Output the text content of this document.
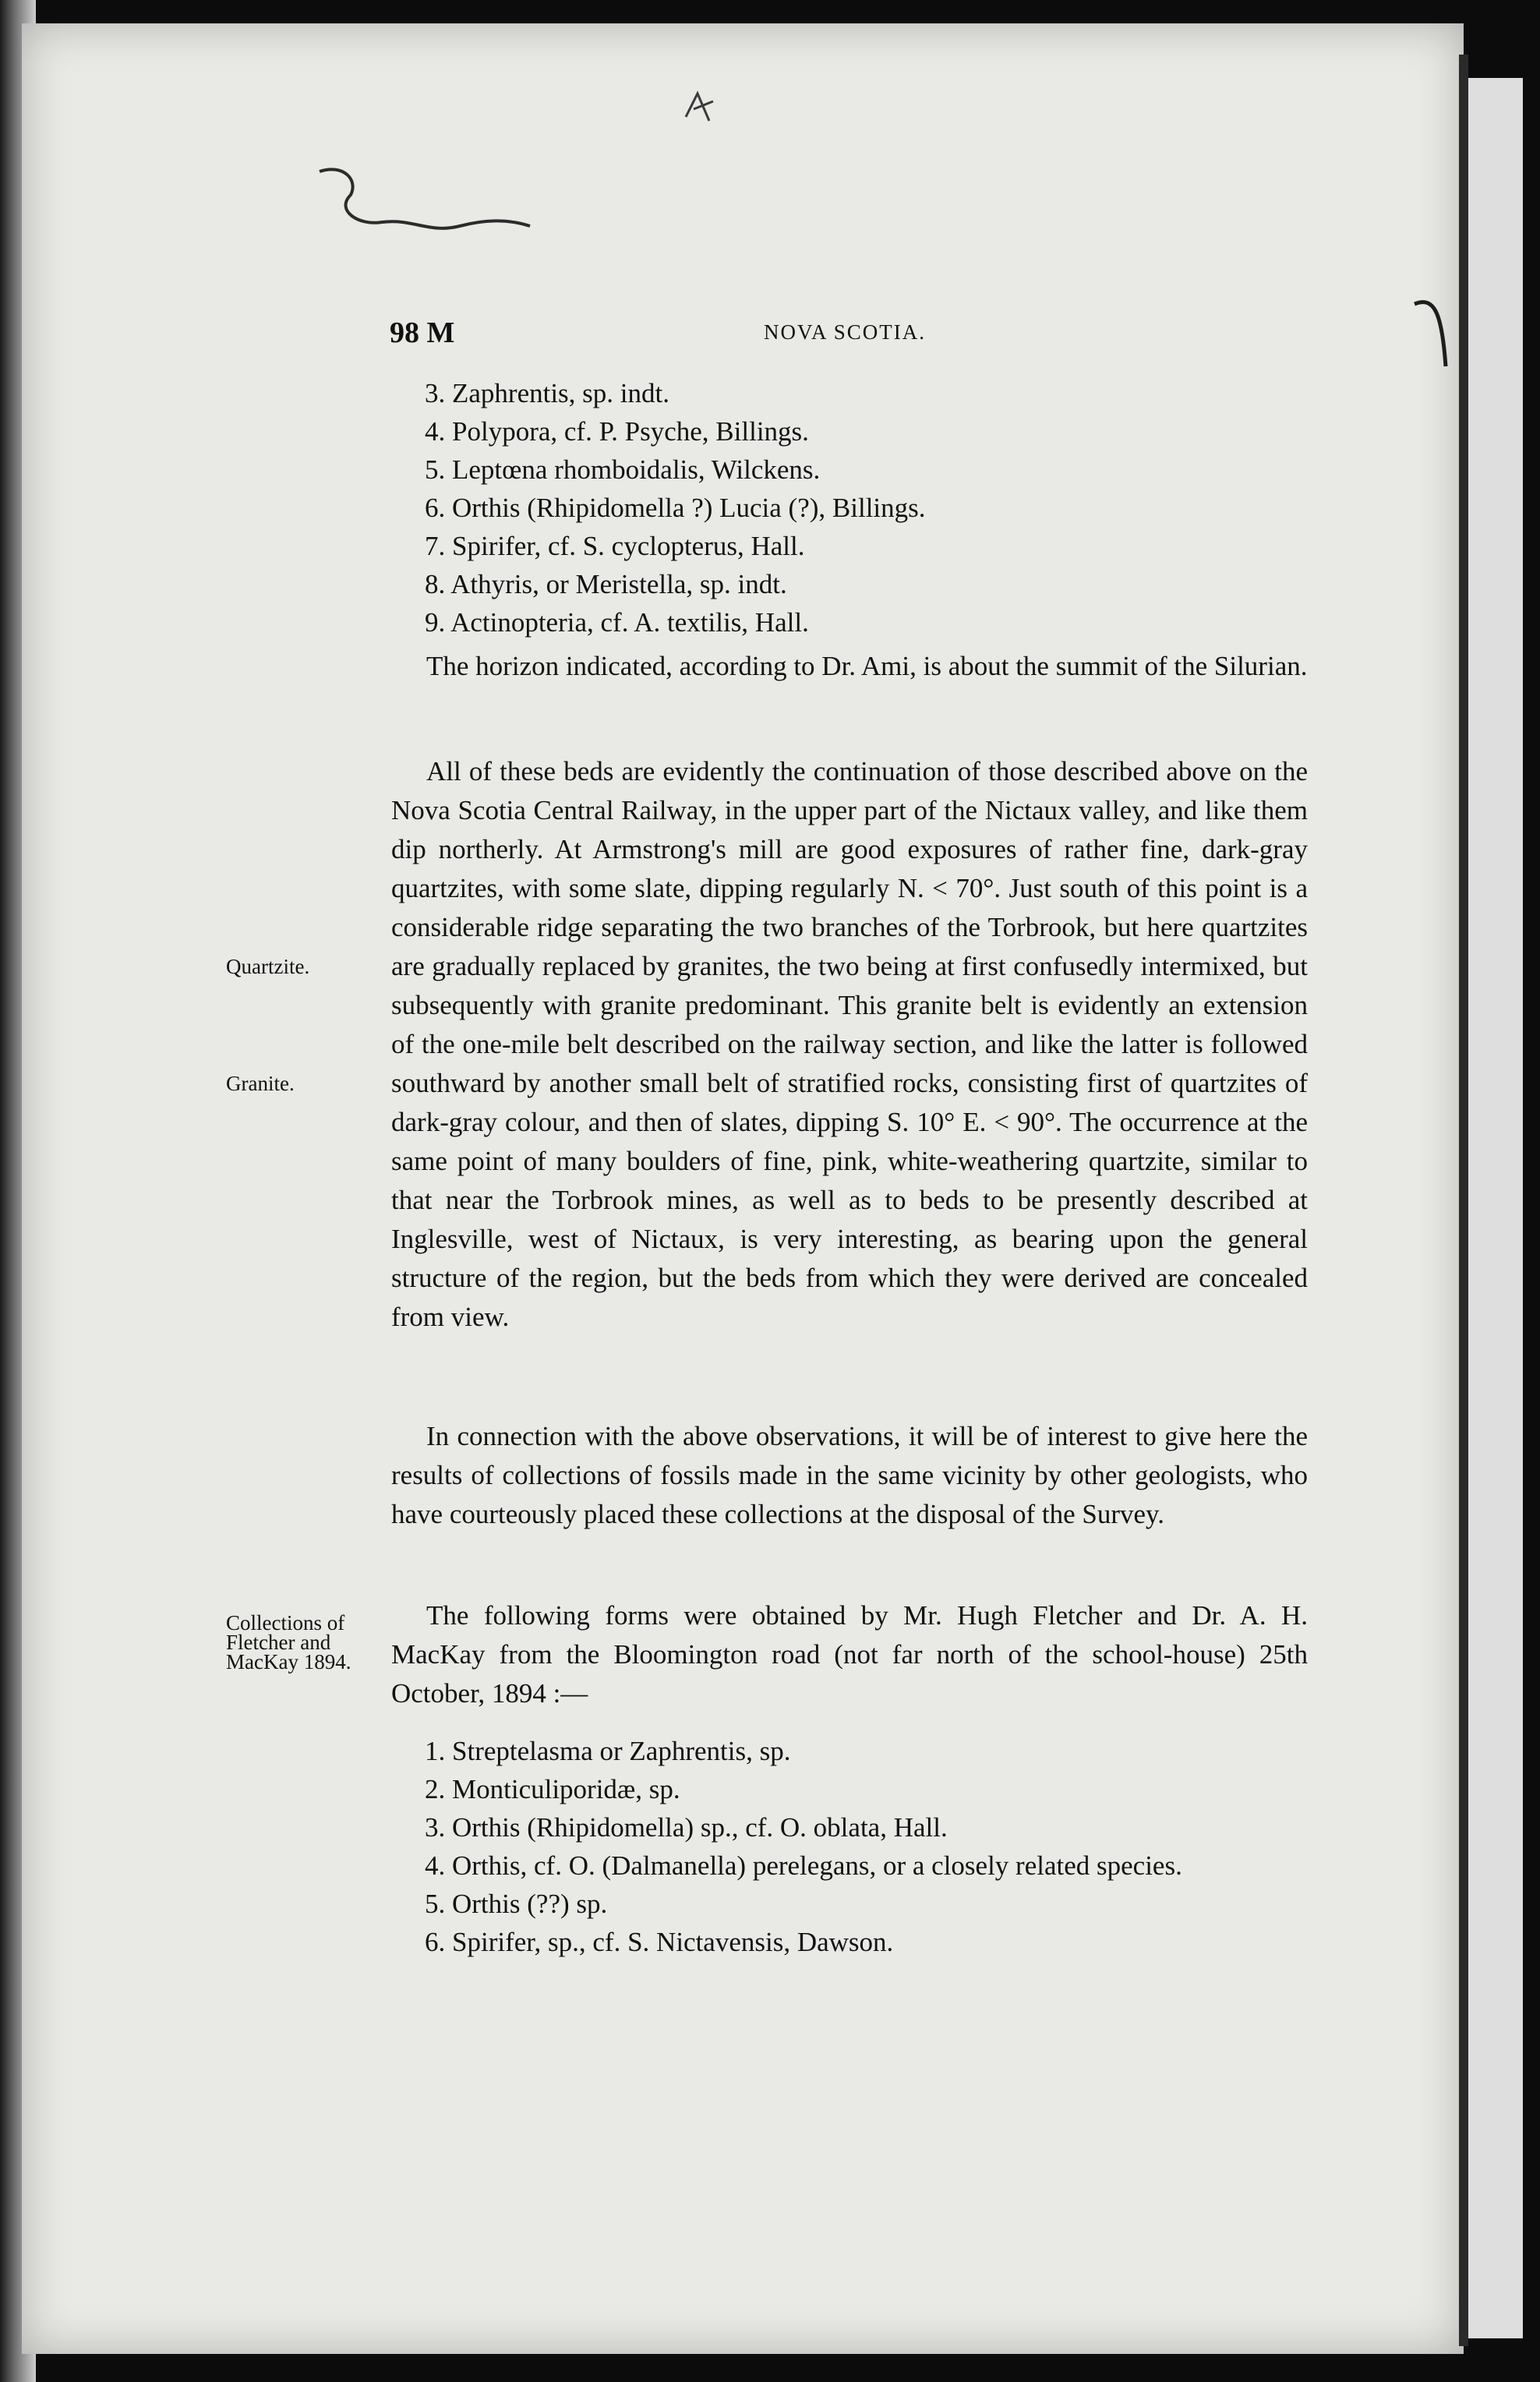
98 M	NOVA SCOTIA.
3. Zaphrentis, sp. indt.
4. Polypora, cf. P. Psyche, Billings.
5. Leptœna rhomboidalis, Wilckens.
6. Orthis (Rhipidomella ?) Lucia (?), Billings.
7. Spirifer, cf. S. cyclopterus, Hall.
8. Athyris, or Meristella, sp. indt.
9. Actinopteria, cf. A. textilis, Hall.

The horizon indicated, according to Dr. Ami, is about the summit of the Silurian.

All of these beds are evidently the continuation of those described above on the Nova Scotia Central Railway, in the upper part of the Nictaux valley, and like them dip northerly. At Armstrong's mill are good exposures of rather fine, dark-gray quartzites, with some slate, dipping regularly N. < 70°. Just south of this point is a considerable ridge separating the two branches of the Torbrook, but here quartzites are gradually replaced by granites, the two being at first confusedly intermixed, but subsequently with granite predominant. This granite belt is evidently an extension of the one-mile belt described on the railway section, and like the latter is followed southward by another small belt of stratified rocks, consisting first of quartzites of dark-gray colour, and then of slates, dipping S. 10° E. < 90°. The occurrence at the same point of many boulders of fine, pink, white-weathering quartzite, similar to that near the Torbrook mines, as well as to beds to be presently described at Inglesville, west of Nictaux, is very interesting, as bearing upon the general structure of the region, but the beds from which they were derived are concealed from view.

Quartzite.
Granite.

In connection with the above observations, it will be of interest to give here the results of collections of fossils made in the same vicinity by other geologists, who have courteously placed these collections at the disposal of the Survey.

Collections of Fletcher and MacKay 1894.

The following forms were obtained by Mr. Hugh Fletcher and Dr. A. H. MacKay from the Bloomington road (not far north of the school-house) 25th October, 1894 :—

1. Streptelasma or Zaphrentis, sp.
2. Monticuliporidæ, sp.
3. Orthis (Rhipidomella) sp., cf. O. oblata, Hall.
4. Orthis, cf. O. (Dalmanella) perelegans, or a closely related species.
5. Orthis (??) sp.
6. Spirifer, sp., cf. S. Nictavensis, Dawson.
